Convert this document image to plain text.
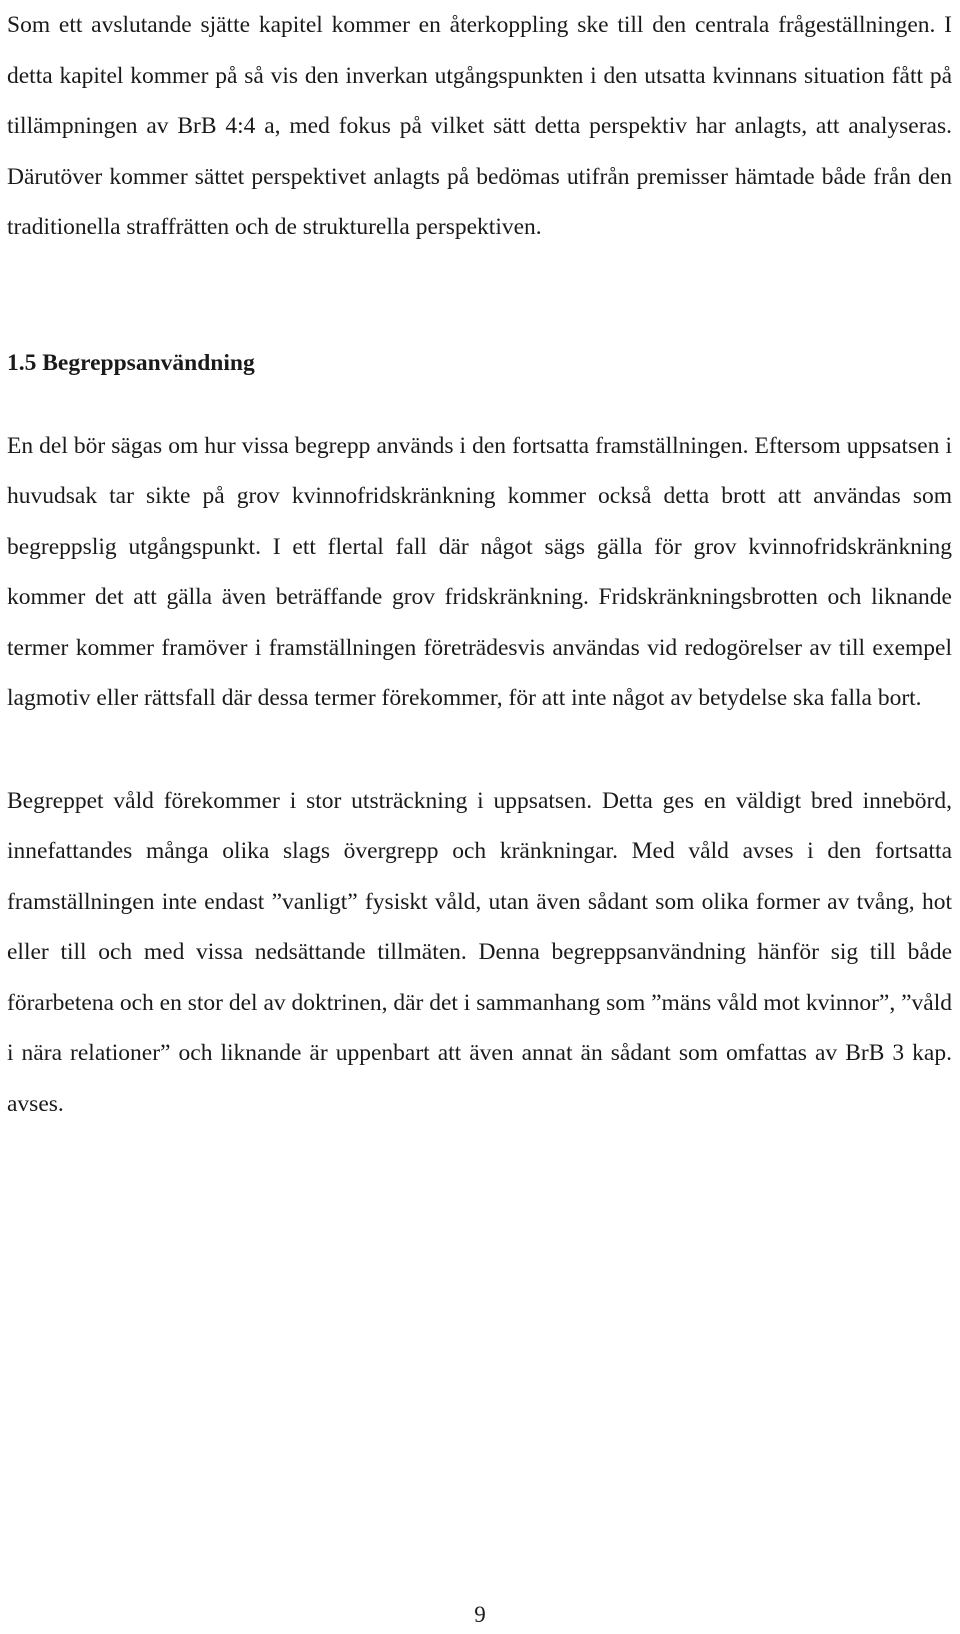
Som ett avslutande sjätte kapitel kommer en återkoppling ske till den centrala frågeställningen. I detta kapitel kommer på så vis den inverkan utgångspunkten i den utsatta kvinnans situation fått på tillämpningen av BrB 4:4 a, med fokus på vilket sätt detta perspektiv har anlagts, att analyseras. Därutöver kommer sättet perspektivet anlagts på bedömas utifrån premisser hämtade både från den traditionella straffrätten och de strukturella perspektiven.

1.5 Begreppsanvändning

En del bör sägas om hur vissa begrepp används i den fortsatta framställningen. Eftersom uppsatsen i huvudsak tar sikte på grov kvinnofridskränkning kommer också detta brott att användas som begreppslig utgångspunkt. I ett flertal fall där något sägs gälla för grov kvinnofridskränkning kommer det att gälla även beträffande grov fridskränkning. Fridskränkningsbrotten och liknande termer kommer framöver i framställningen företrädesvis användas vid redogörelser av till exempel lagmotiv eller rättsfall där dessa termer förekommer, för att inte något av betydelse ska falla bort.

Begreppet våld förekommer i stor utsträckning i uppsatsen. Detta ges en väldigt bred innebörd, innefattandes många olika slags övergrepp och kränkningar. Med våld avses i den fortsatta framställningen inte endast ”vanligt” fysiskt våld, utan även sådant som olika former av tvång, hot eller till och med vissa nedsättande tillmäten. Denna begreppsanvändning hänför sig till både förarbetena och en stor del av doktrinen, där det i sammanhang som ”mäns våld mot kvinnor”, ”våld i nära relationer” och liknande är uppenbart att även annat än sådant som omfattas av BrB 3 kap. avses.

9
